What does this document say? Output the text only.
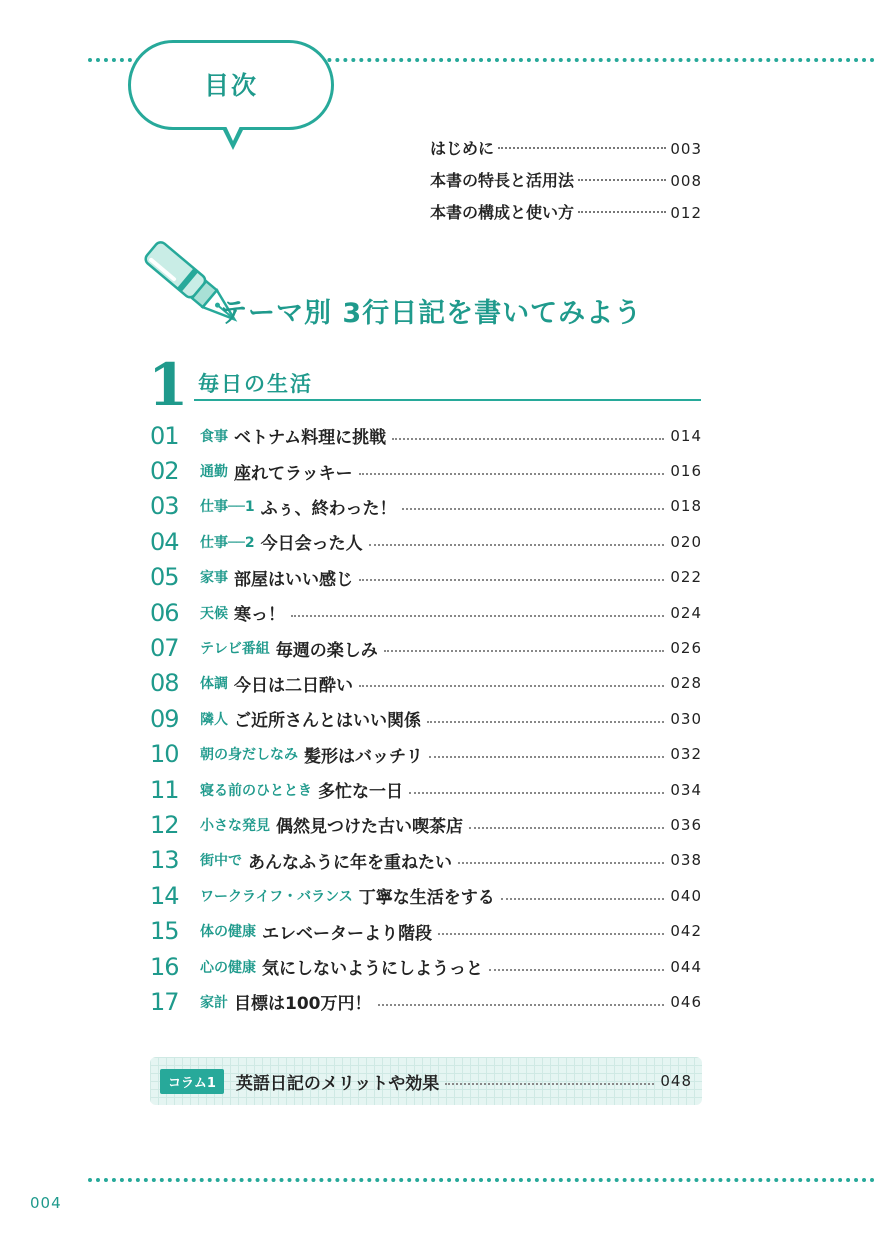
目次
はじめに	003
本書の特長と活用法	008
本書の構成と使い方	012
テーマ別 3行日記を書いてみよう
1 毎日の生活
01	食事 ベトナム料理に挑戦	014
02	通勤 座れてラッキー	016
03	仕事──1 ふぅ、終わった！	018
04	仕事──2 今日会った人	020
05	家事 部屋はいい感じ	022
06	天候 寒っ！	024
07	テレビ番組 毎週の楽しみ	026
08	体調 今日は二日酔い	028
09	隣人 ご近所さんとはいい関係	030
10	朝の身だしなみ 髪形はバッチリ	032
11	寝る前のひととき 多忙な一日	034
12	小さな発見 偶然見つけた古い喫茶店	036
13	街中で あんなふうに年を重ねたい	038
14	ワークライフ・バランス 丁寧な生活をする	040
15	体の健康 エレベーターより階段	042
16	心の健康 気にしないようにしようっと	044
17	家計 目標は100万円！	046
コラム1	英語日記のメリットや効果	048
004
